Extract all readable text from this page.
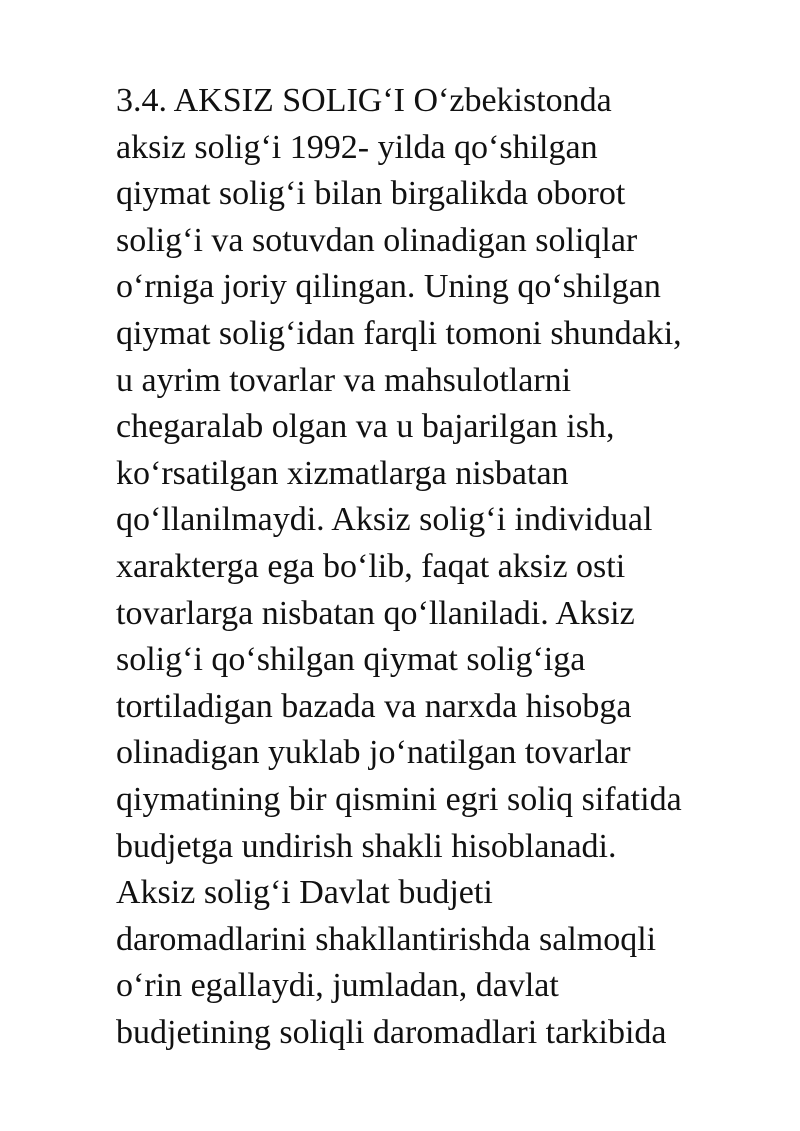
3.4. AKSIZ SOLIG‘I O‘zbekistonda
aksiz solig‘i 1992- yilda qo‘shilgan
qiymat solig‘i bilan birgalikda oborot
solig‘i va sotuvdan olinadigan soliqlar
o‘rniga joriy qilingan. Uning qo‘shilgan
qiymat solig‘idan farqli tomoni shundaki,
u ayrim tovarlar va mahsulotlarni
chegaralab olgan va u bajarilgan ish,
ko‘rsatilgan xizmatlarga nisbatan
qo‘llanilmaydi. Aksiz solig‘i individual
xarakterga ega bo‘lib, faqat aksiz osti
tovarlarga nisbatan qo‘llaniladi. Aksiz
solig‘i qo‘shilgan qiymat solig‘iga
tortiladigan bazada va narxda hisobga
olinadigan yuklab jo‘natilgan tovarlar
qiymatining bir qismini egri soliq sifatida
budjetga undirish shakli hisoblanadi.
Aksiz solig‘i Davlat budjeti
daromadlarini shakllantirishda salmoqli
o‘rin egallaydi, jumladan, davlat
budjetining soliqli daromadlari tarkibida
